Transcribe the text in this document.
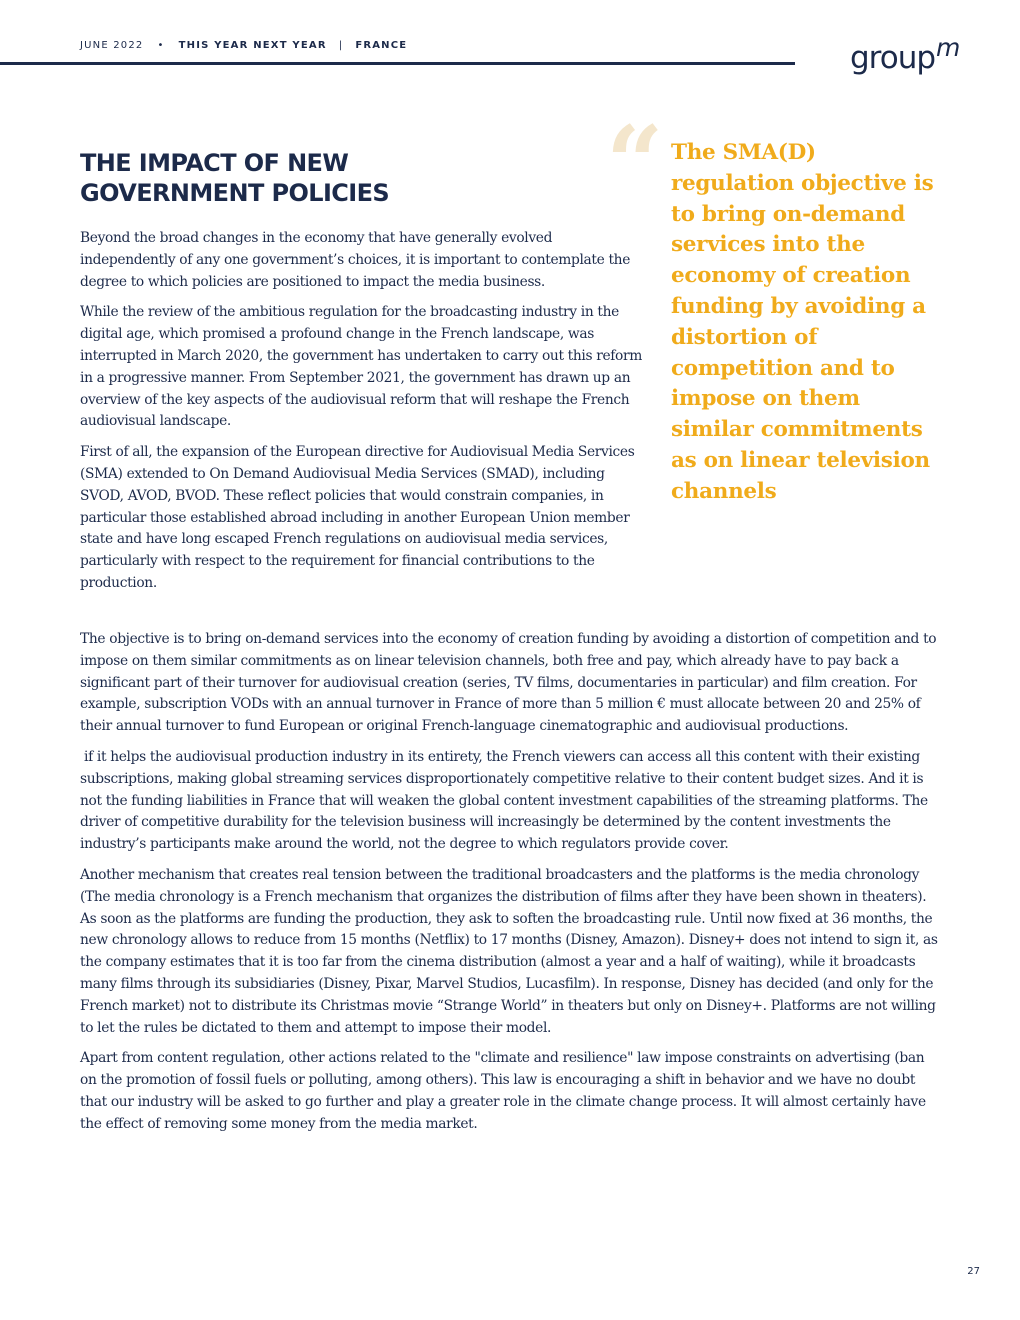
JUNE 2022 • THIS YEAR NEXT YEAR | FRANCE	group$^m$
THE IMPACT OF NEW GOVERNMENT POLICIES

Beyond the broad changes in the economy that have generally evolved independently of any one government’s choices, it is important to contemplate the degree to which policies are positioned to impact the media business.

While the review of the ambitious regulation for the broadcasting industry in the digital age, which promised a profound change in the French landscape, was interrupted in March 2020, the government has undertaken to carry out this reform in a progressive manner. From September 2021, the government has drawn up an overview of the key aspects of the audiovisual reform that will reshape the French audiovisual landscape.

First of all, the expansion of the European directive for Audiovisual Media Services (SMA) extended to On Demand Audiovisual Media Services (SMAD), including SVOD, AVOD, BVOD. These reflect policies that would constrain companies, in particular those established abroad including in another European Union member state and have long escaped French regulations on audiovisual media services, particularly with respect to the requirement for financial contributions to the production.

“ The SMA(D) regulation objective is to bring on-demand services into the economy of creation funding by avoiding a distortion of competition and to impose on them similar commitments as on linear television channels

The objective is to bring on-demand services into the economy of creation funding by avoiding a distortion of competition and to impose on them similar commitments as on linear television channels, both free and pay, which already have to pay back a significant part of their turnover for audiovisual creation (series, TV films, documentaries in particular) and film creation. For example, subscription VODs with an annual turnover in France of more than 5 million € must allocate between 20 and 25% of their annual turnover to fund European or original French-language cinematographic and audiovisual productions.

if it helps the audiovisual production industry in its entirety, the French viewers can access all this content with their existing subscriptions, making global streaming services disproportionately competitive relative to their content budget sizes. And it is not the funding liabilities in France that will weaken the global content investment capabilities of the streaming platforms. The driver of competitive durability for the television business will increasingly be determined by the content investments the industry’s participants make around the world, not the degree to which regulators provide cover.

Another mechanism that creates real tension between the traditional broadcasters and the platforms is the media chronology (The media chronology is a French mechanism that organizes the distribution of films after they have been shown in theaters). As soon as the platforms are funding the production, they ask to soften the broadcasting rule. Until now fixed at 36 months, the new chronology allows to reduce from 15 months (Netflix) to 17 months (Disney, Amazon). Disney+ does not intend to sign it, as the company estimates that it is too far from the cinema distribution (almost a year and a half of waiting), while it broadcasts many films through its subsidiaries (Disney, Pixar, Marvel Studios, Lucasfilm). In response, Disney has decided (and only for the French market) not to distribute its Christmas movie “Strange World” in theaters but only on Disney+. Platforms are not willing to let the rules be dictated to them and attempt to impose their model.

Apart from content regulation, other actions related to the "climate and resilience" law impose constraints on advertising (ban on the promotion of fossil fuels or polluting, among others). This law is encouraging a shift in behavior and we have no doubt that our industry will be asked to go further and play a greater role in the climate change process. It will almost certainly have the effect of removing some money from the media market.

27
